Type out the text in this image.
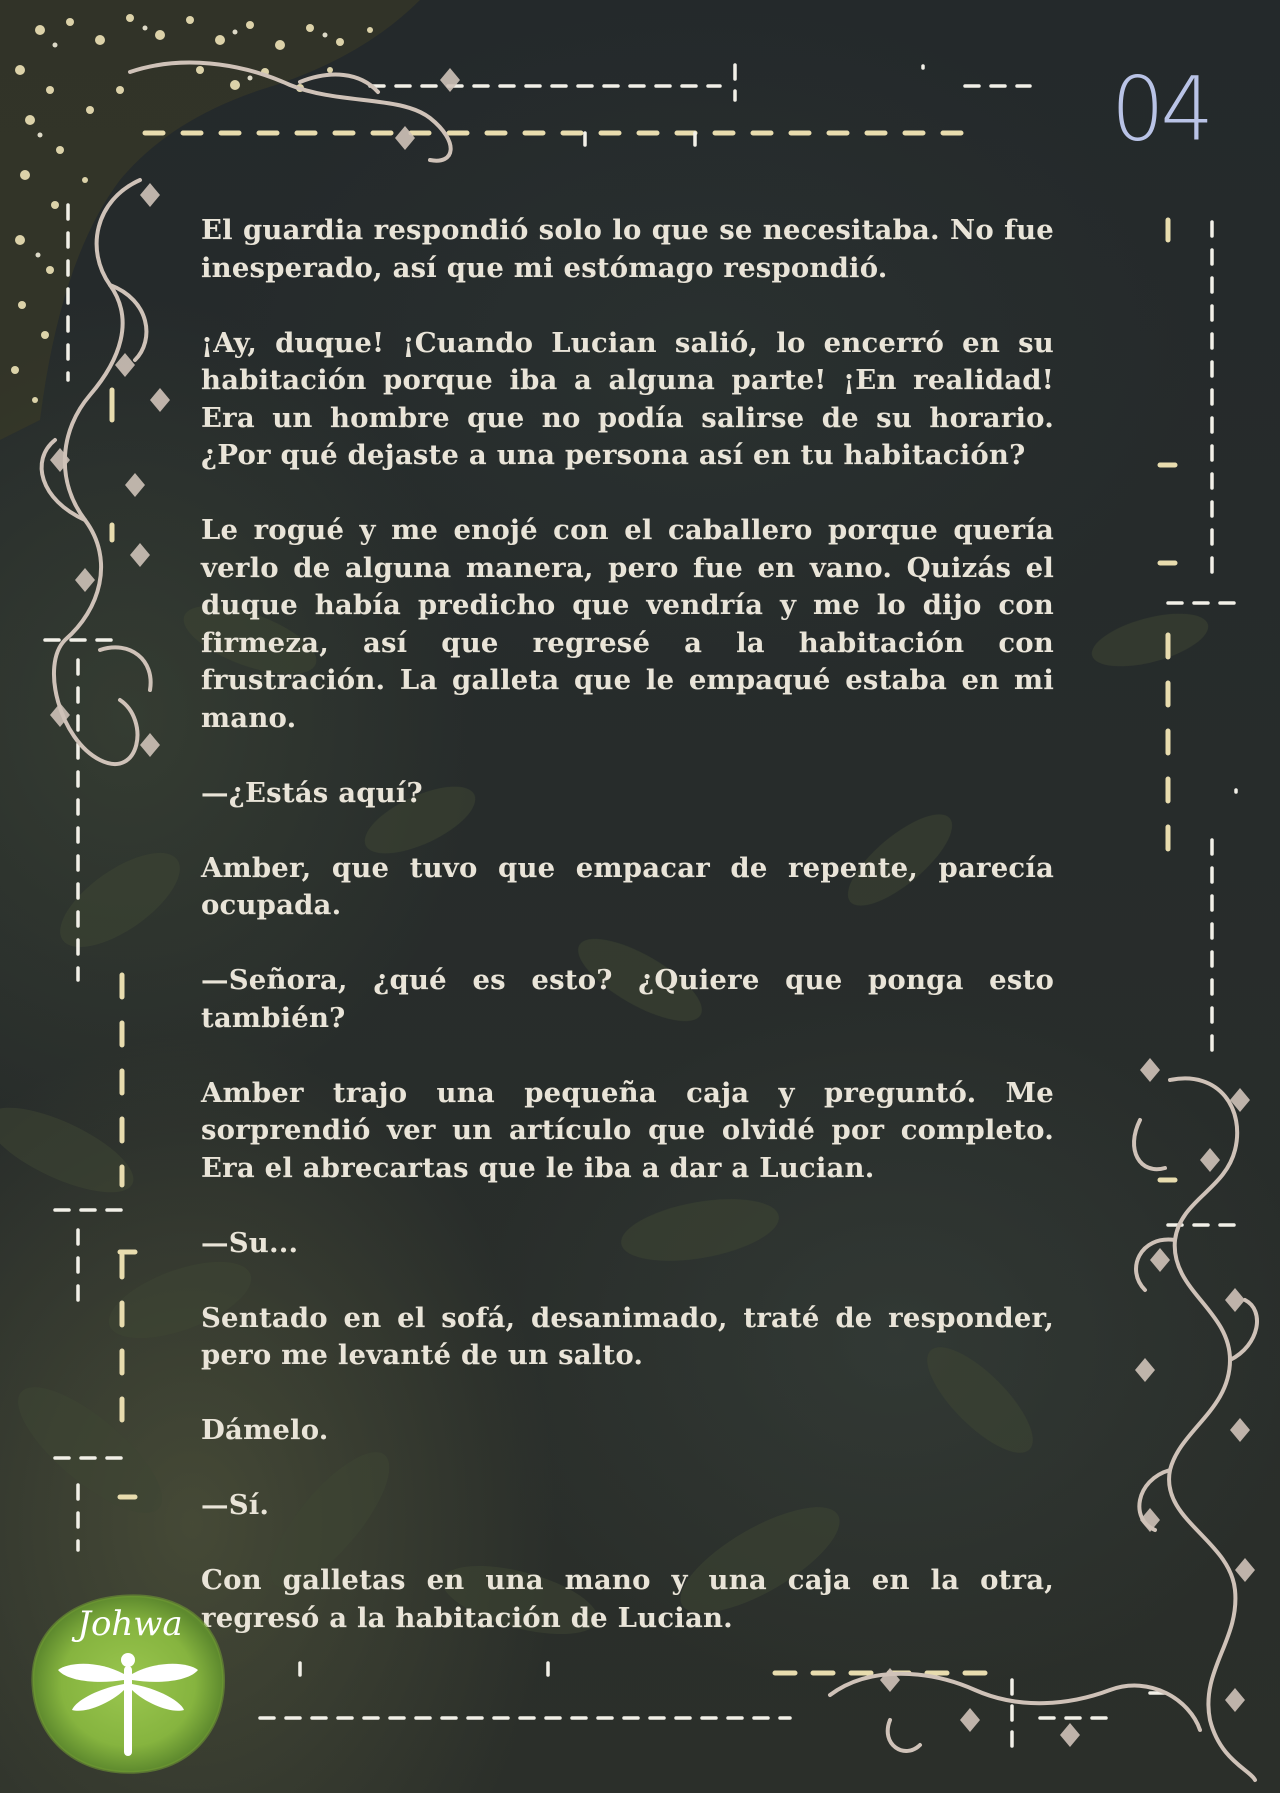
04

El guardia respondió solo lo que se necesitaba. No fue inesperado, así que mi estómago respondió.

¡Ay, duque! ¡Cuando Lucian salió, lo encerró en su habitación porque iba a alguna parte! ¡En realidad! Era un hombre que no podía salirse de su horario. ¿Por qué dejaste a una persona así en tu habitación?

Le rogué y me enojé con el caballero porque quería verlo de alguna manera, pero fue en vano. Quizás el duque había predicho que vendría y me lo dijo con firmeza, así que regresé a la habitación con frustración. La galleta que le empaqué estaba en mi mano.

—¿Estás aquí?

Amber, que tuvo que empacar de repente, parecía ocupada.

—Señora, ¿qué es esto? ¿Quiere que ponga esto también?

Amber trajo una pequeña caja y preguntó. Me sorprendió ver un artículo que olvidé por completo. Era el abrecartas que le iba a dar a Lucian.

—Su...

Sentado en el sofá, desanimado, traté de responder, pero me levanté de un salto.

Dámelo.

—Sí.

Con galletas en una mano y una caja en la otra, regresó a la habitación de Lucian.

Johwa
